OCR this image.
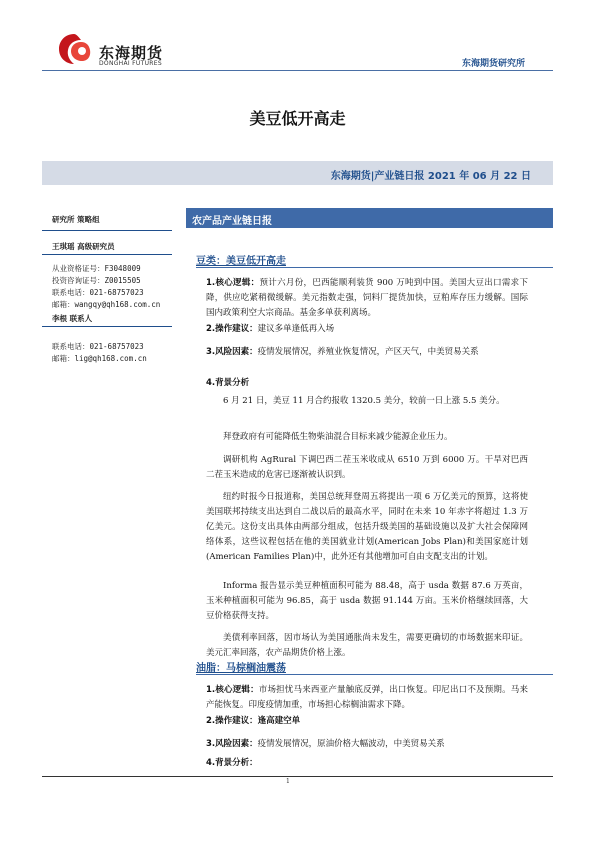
东海期货
DONGHAI FUTURES	东海期货研究所
美豆低开高走
东海期货|产业链日报 2021 年 06 月 22 日
研究所 策略组
王琪瑶 高级研究员
从业资格证号：F3048009
投资咨询证号：Z0015505
联系电话：021-68757023
邮箱：wangqy@qh168.com.cn
李根 联系人
联系电话：021-68757023
邮箱：lig@qh168.com.cn
农产品产业链日报
豆类：美豆低开高走
1.核心逻辑：预计六月份，巴西能顺利装货 900 万吨到中国。美国大豆出口需求下降，供应吃紧稍微缓解。美元指数走强，饲料厂提货加快，豆粕库存压力缓解。国际国内政策利空大宗商品。基金多单获利离场。
2.操作建议：建议多单逢低再入场
3.风险因素：疫情发展情况，养殖业恢复情况，产区天气，中美贸易关系
4.背景分析
6 月 21 日，美豆 11 月合约报收 1320.5 美分，较前一日上涨 5.5 美分。
拜登政府有可能降低生物柴油混合目标来减少能源企业压力。
调研机构 AgRural 下调巴西二茬玉米收成从 6510 万到 6000 万。干旱对巴西二茬玉米造成的危害已逐渐被认识到。
纽约时报今日报道称，美国总统拜登周五将提出一项 6 万亿美元的预算，这将使美国联邦持续支出达到自二战以后的最高水平，同时在未来 10 年赤字将超过 1.3 万亿美元。这份支出具体由两部分组成，包括升级美国的基础设施以及扩大社会保障网络体系，这些议程包括在他的美国就业计划(American Jobs Plan)和美国家庭计划(American Families Plan)中，此外还有其他增加可自由支配支出的计划。
Informa 报告显示美豆种植面积可能为 88.48，高于 usda 数据 87.6 万英亩，玉米种植面积可能为 96.85，高于 usda 数据 91.144 万亩。玉米价格继续回落，大豆价格获得支持。
美债利率回落，因市场认为美国通胀尚未发生，需要更确切的市场数据来印证。美元汇率回落，农产品期货价格上涨。
油脂：马棕榈油震荡
1.核心逻辑：市场担忧马来西亚产量触底反弹，出口恢复。印尼出口不及预期。马来产能恢复。印度疫情加重，市场担心棕榈油需求下降。
2.操作建议：逢高建空单
3.风险因素：疫情发展情况，原油价格大幅波动，中美贸易关系
4.背景分析：
1
